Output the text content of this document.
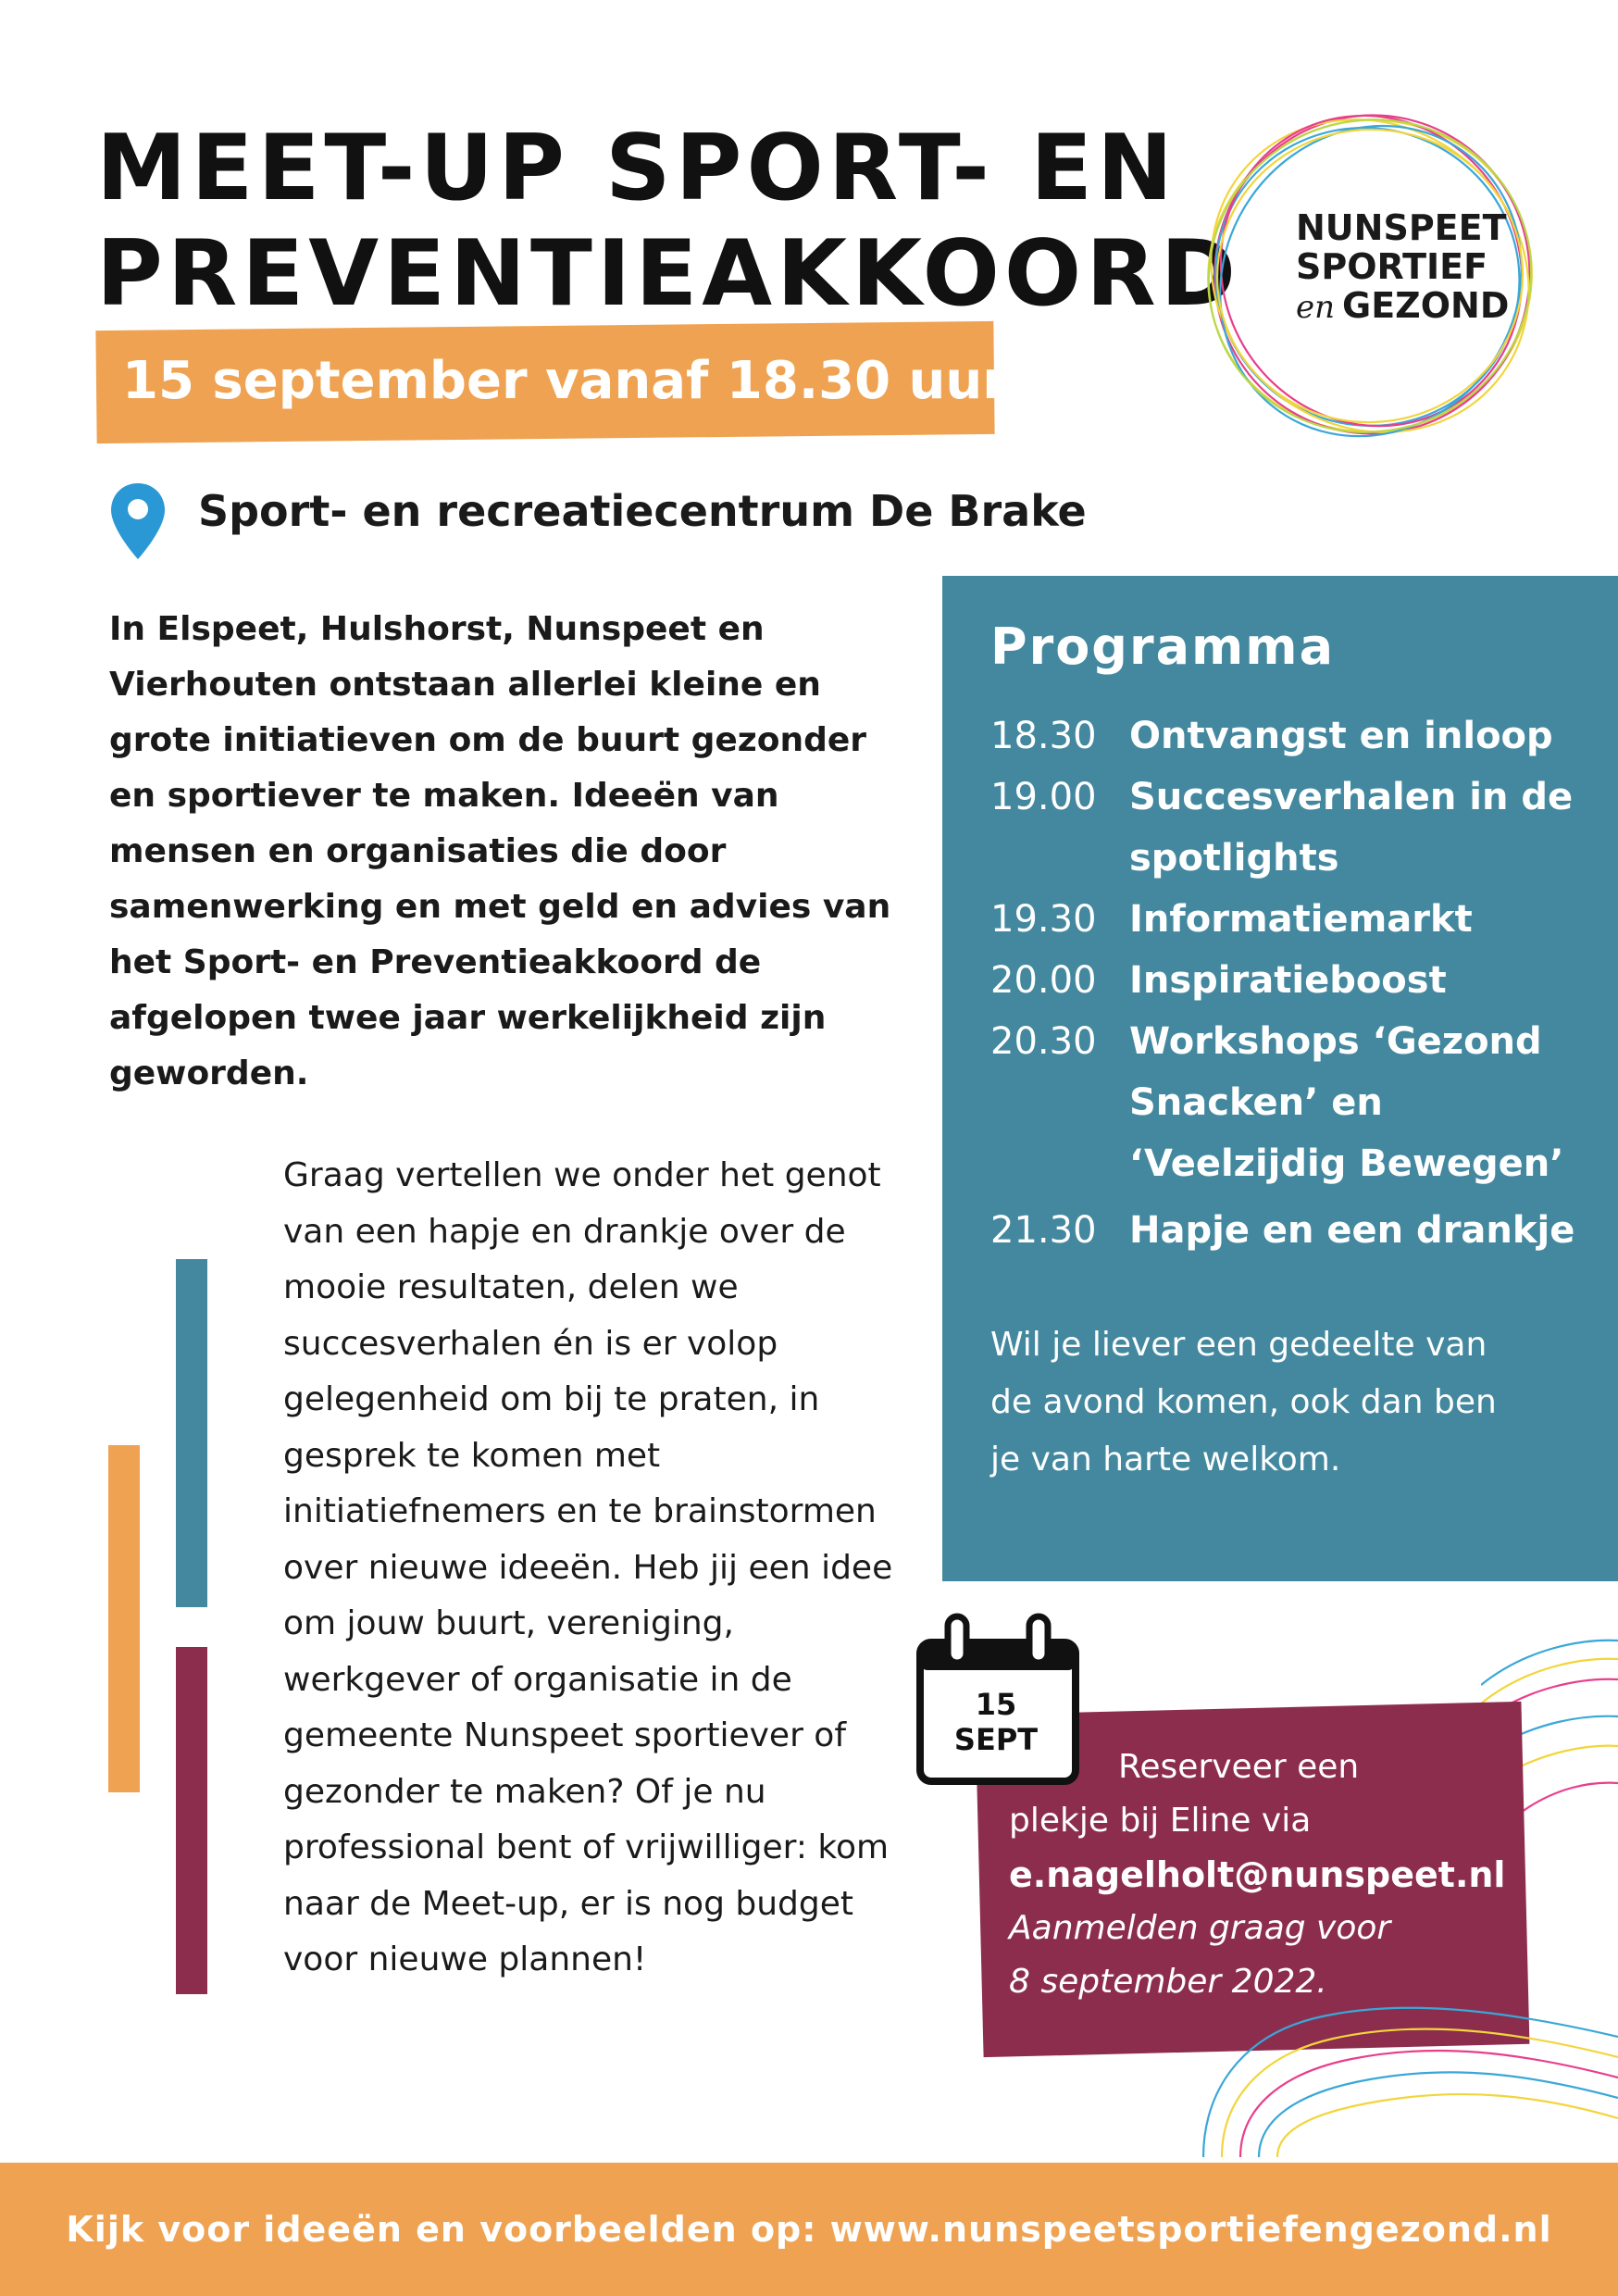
MEET-UP SPORT- EN
PREVENTIEAKKOORD

15 september vanaf 18.30 uur

NUNSPEET
SPORTIEF
en GEZOND

Sport- en recreatiecentrum De Brake

In Elspeet, Hulshorst, Nunspeet en Vierhouten ontstaan allerlei kleine en grote initiatieven om de buurt gezonder en sportiever te maken. Ideeën van mensen en organisaties die door samenwerking en met geld en advies van het Sport- en Preventieakkoord de afgelopen twee jaar werkelijkheid zijn geworden.

Graag vertellen we onder het genot van een hapje en drankje over de mooie resultaten, delen we succesverhalen én is er volop gelegenheid om bij te praten, in gesprek te komen met initiatiefnemers en te brainstormen over nieuwe ideeën. Heb jij een idee om jouw buurt, vereniging, werkgever of organisatie in de gemeente Nunspeet sportiever of gezonder te maken? Of je nu professional bent of vrijwilliger: kom naar de Meet-up, er is nog budget voor nieuwe plannen!

Programma
18.30 Ontvangst en inloop
19.00 Succesverhalen in de spotlights
19.30 Informatiemarkt
20.00 Inspiratieboost
20.30 Workshops ‘Gezond Snacken’ en ‘Veelzijdig Bewegen’
21.30 Hapje en een drankje

Wil je liever een gedeelte van de avond komen, ook dan ben je van harte welkom.

Reserveer een
plekje bij Eline via
e.nagelholt@nunspeet.nl
Aanmelden graag voor
8 september 2022.
15
SEPT

Kijk voor ideeën en voorbeelden op: www.nunspeetsportiefengezond.nl
